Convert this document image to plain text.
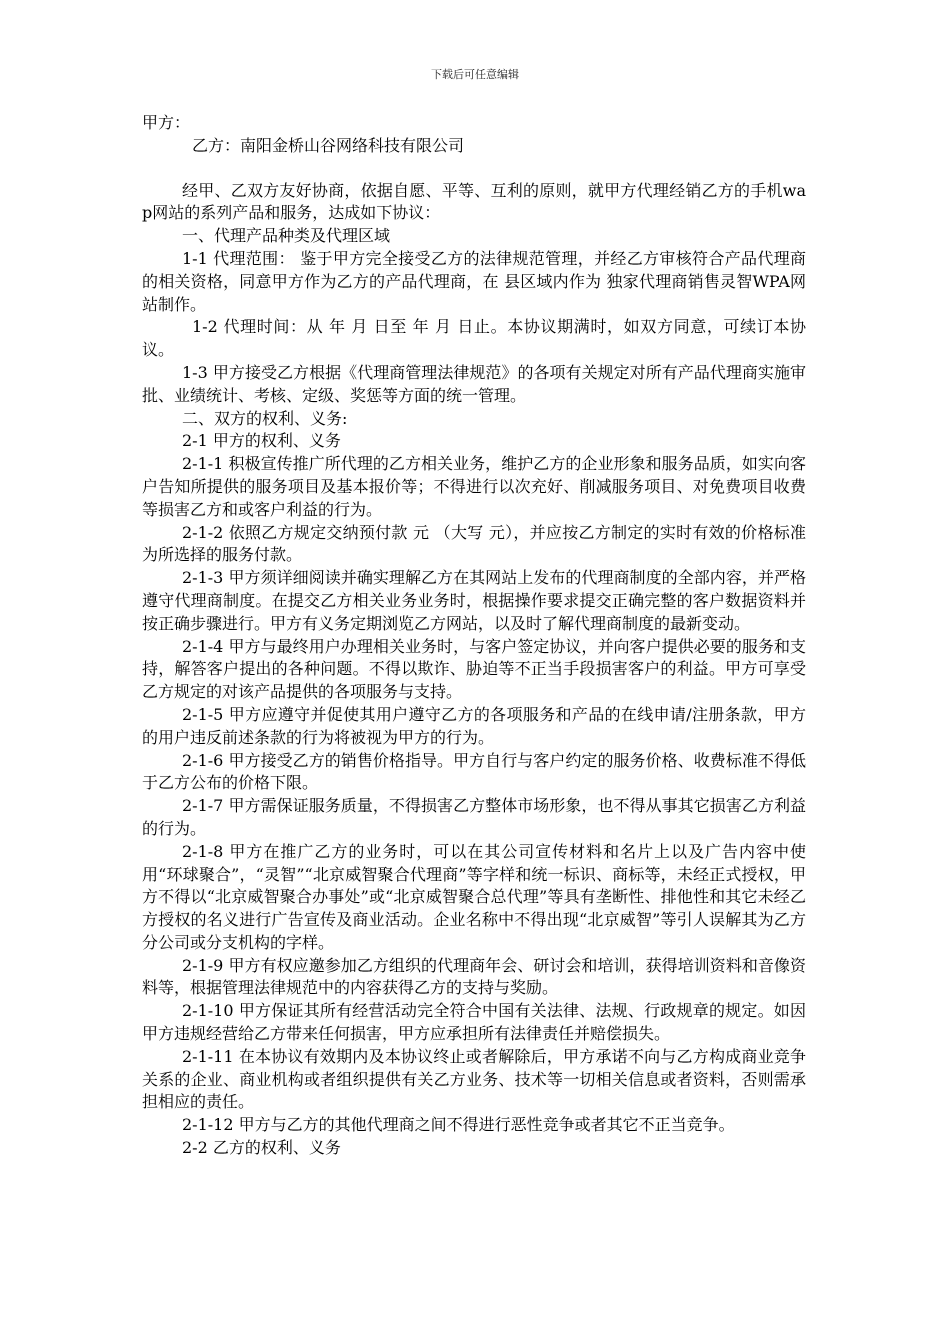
下载后可任意编辑

甲方：

乙方：南阳金桥山谷网络科技有限公司

经甲、乙双方友好协商，依据自愿、平等、互利的原则，就甲方代理经销乙方的手机wap网站的系列产品和服务，达成如下协议：

一、代理产品种类及代理区域

1-1 代理范围： 鉴于甲方完全接受乙方的法律规范管理，并经乙方审核符合产品代理商的相关资格，同意甲方作为乙方的产品代理商，在 县区域内作为 独家代理商销售灵智WPA网站制作。

1-2 代理时间：从 年 月 日至 年 月 日止。本协议期满时，如双方同意，可续订本协议。

1-3 甲方接受乙方根据《代理商管理法律规范》的各项有关规定对所有产品代理商实施审批、业绩统计、考核、定级、奖惩等方面的统一管理。

二、双方的权利、义务:

2-1 甲方的权利、义务

2-1-1 积极宣传推广所代理的乙方相关业务，维护乙方的企业形象和服务品质，如实向客户告知所提供的服务项目及基本报价等；不得进行以次充好、削减服务项目、对免费项目收费等损害乙方和或客户利益的行为。

2-1-2 依照乙方规定交纳预付款 元 （大写 元），并应按乙方制定的实时有效的价格标准为所选择的服务付款。

2-1-3 甲方须详细阅读并确实理解乙方在其网站上发布的代理商制度的全部内容，并严格遵守代理商制度。在提交乙方相关业务业务时，根据操作要求提交正确完整的客户数据资料并按正确步骤进行。甲方有义务定期浏览乙方网站，以及时了解代理商制度的最新变动。

2-1-4 甲方与最终用户办理相关业务时，与客户签定协议，并向客户提供必要的服务和支持，解答客户提出的各种问题。不得以欺诈、胁迫等不正当手段损害客户的利益。甲方可享受乙方规定的对该产品提供的各项服务与支持。

2-1-5 甲方应遵守并促使其用户遵守乙方的各项服务和产品的在线申请/注册条款，甲方的用户违反前述条款的行为将被视为甲方的行为。

2-1-6 甲方接受乙方的销售价格指导。甲方自行与客户约定的服务价格、收费标准不得低于乙方公布的价格下限。

2-1-7 甲方需保证服务质量，不得损害乙方整体市场形象，也不得从事其它损害乙方利益的行为。

2-1-8 甲方在推广乙方的业务时，可以在其公司宣传材料和名片上以及广告内容中使用“环球聚合”，“灵智”“北京威智聚合代理商”等字样和统一标识、商标等，未经正式授权，甲方不得以“北京威智聚合办事处”或“北京威智聚合总代理”等具有垄断性、排他性和其它未经乙方授权的名义进行广告宣传及商业活动。企业名称中不得出现“北京威智”等引人误解其为乙方分公司或分支机构的字样。

2-1-9 甲方有权应邀参加乙方组织的代理商年会、研讨会和培训，获得培训资料和音像资料等，根据管理法律规范中的内容获得乙方的支持与奖励。

2-1-10 甲方保证其所有经营活动完全符合中国有关法律、法规、行政规章的规定。如因甲方违规经营给乙方带来任何损害，甲方应承担所有法律责任并赔偿损失。

2-1-11 在本协议有效期内及本协议终止或者解除后，甲方承诺不向与乙方构成商业竞争关系的企业、商业机构或者组织提供有关乙方业务、技术等一切相关信息或者资料，否则需承担相应的责任。

2-1-12 甲方与乙方的其他代理商之间不得进行恶性竞争或者其它不正当竞争。

2-2 乙方的权利、义务
